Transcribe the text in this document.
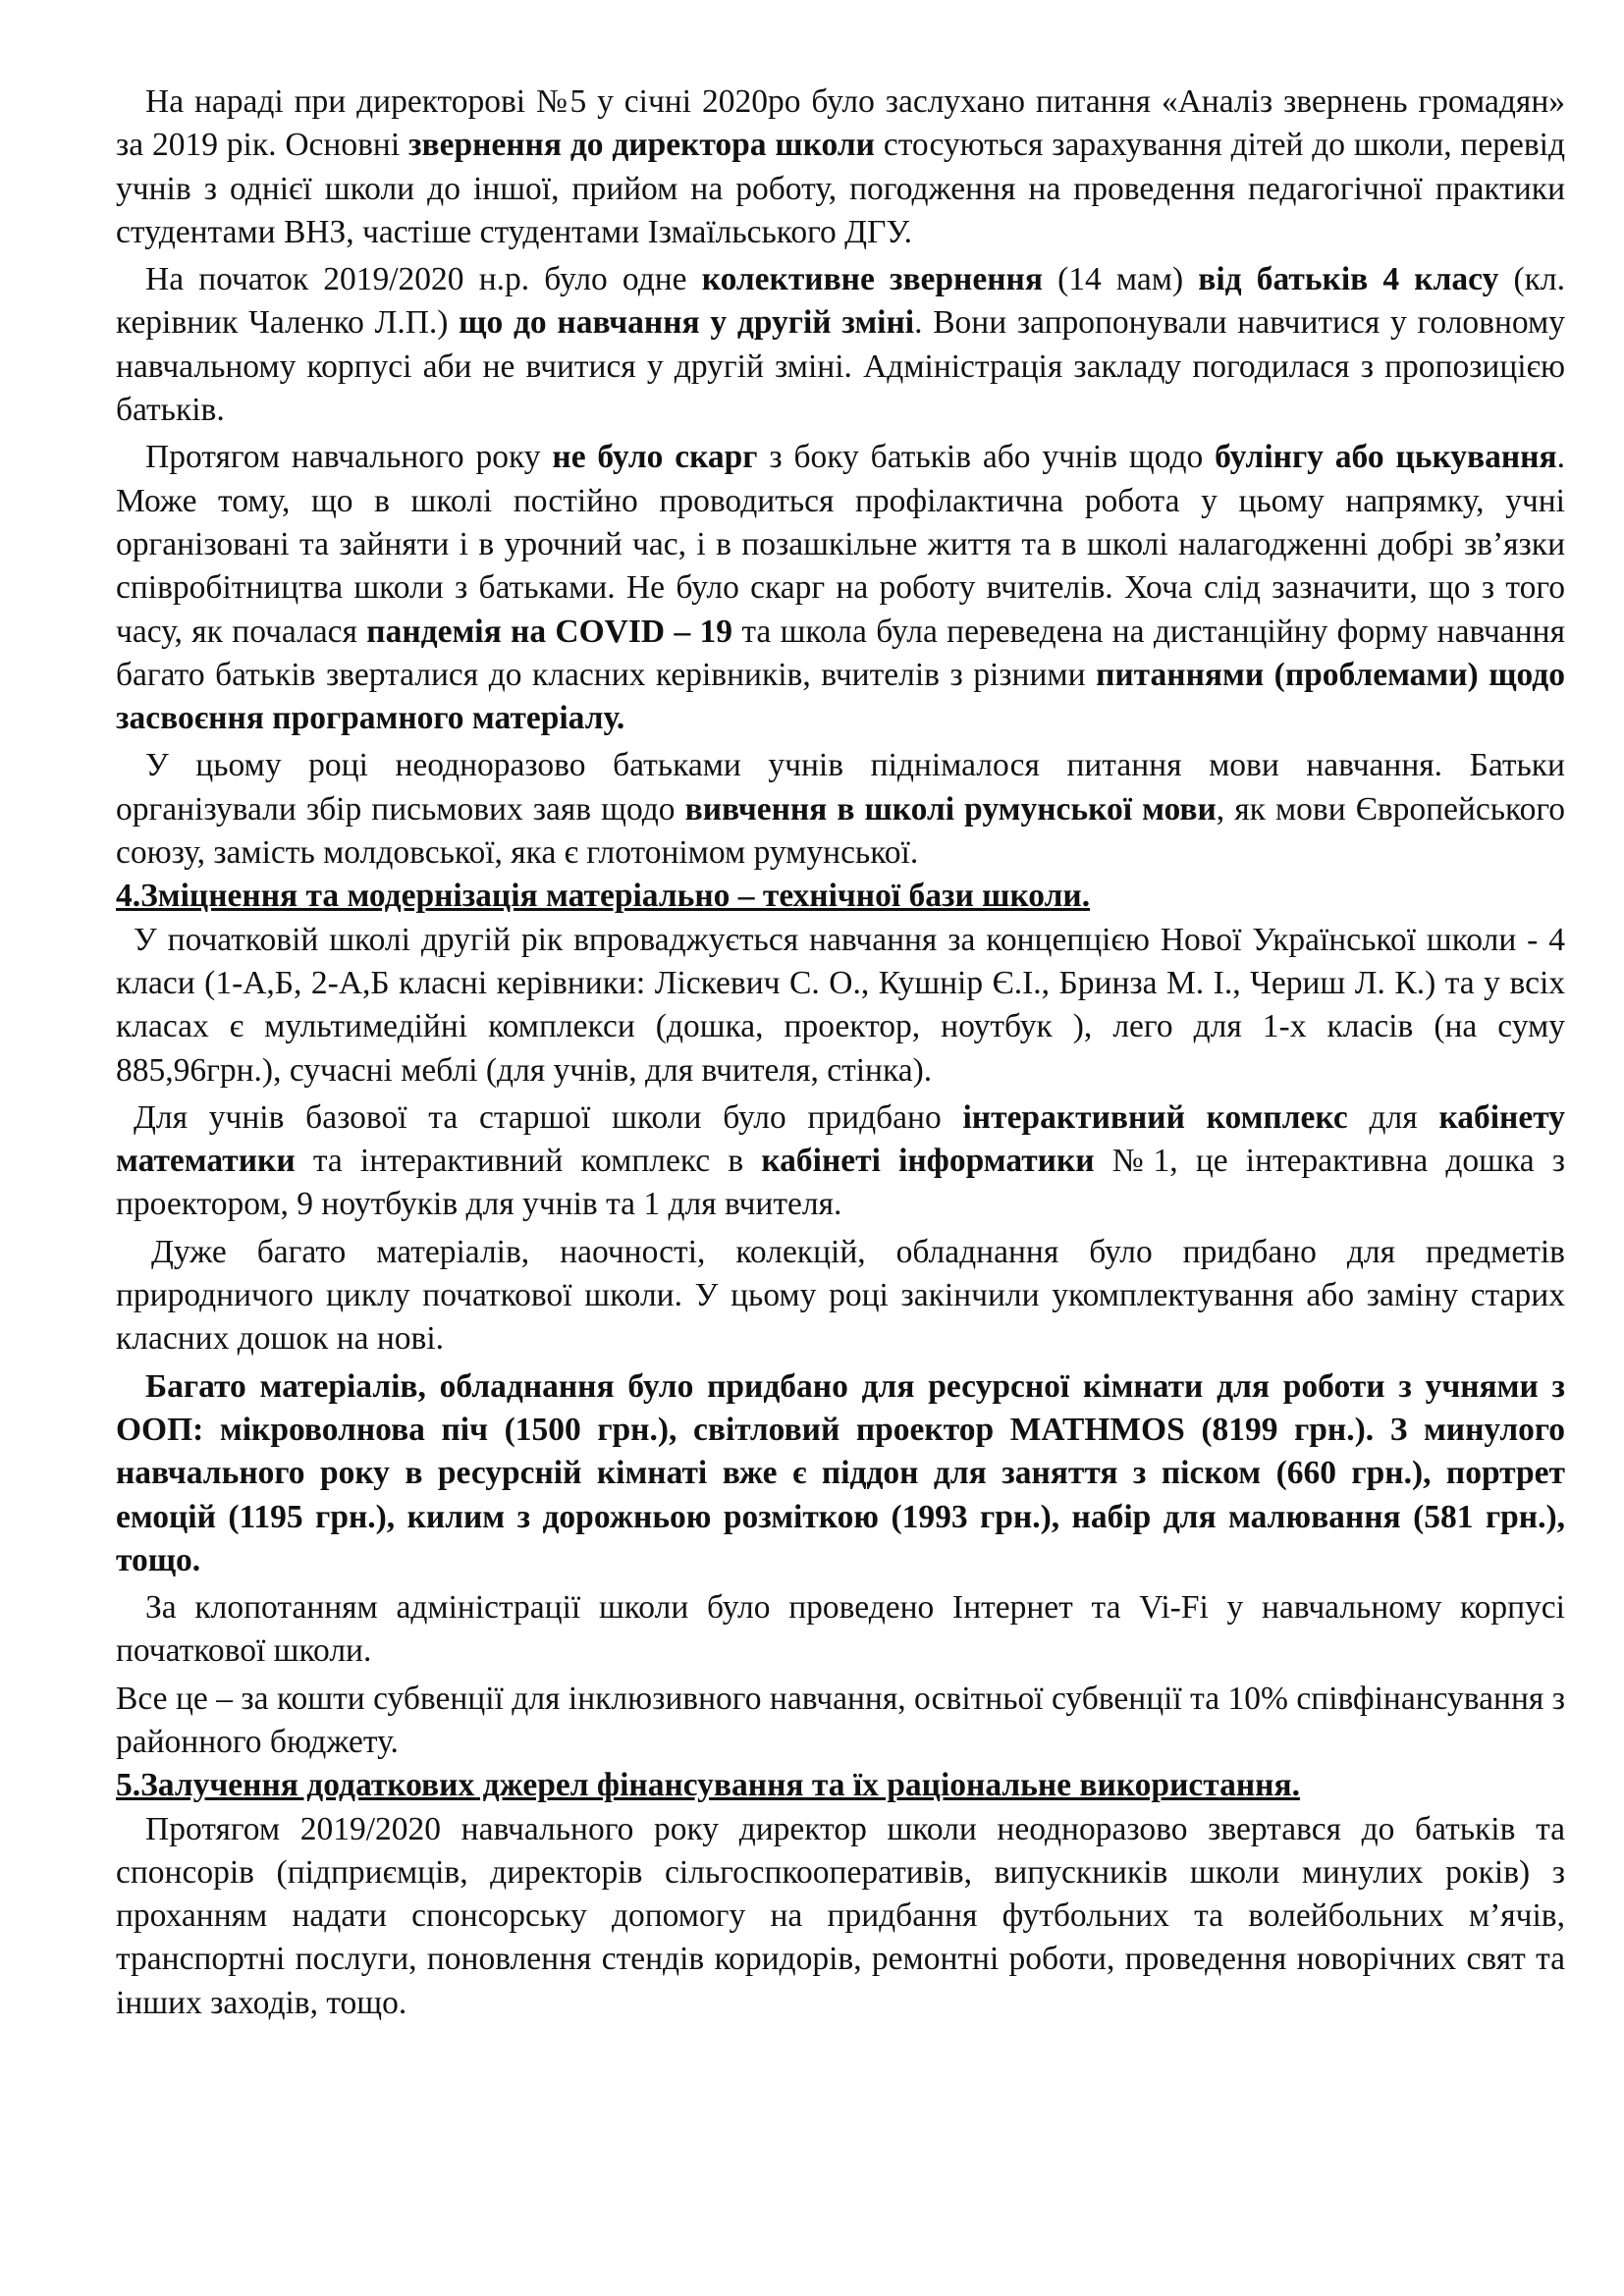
На нараді при директорові №5 у січні 2020ро було заслухано питання «Аналіз звернень громадян» за 2019 рік. Основні звернення до директора школи стосуються зарахування дітей до школи, перевід учнів з однієї школи до іншої, прийом на роботу, погодження на проведення педагогічної практики студентами ВНЗ, частіше студентами Ізмаїльського ДГУ.

На початок 2019/2020 н.р. було одне колективне звернення (14 мам) від батьків 4 класу (кл. керівник Чаленко Л.П.) що до навчання у другій зміні. Вони запропонували навчитися у головному навчальному корпусі аби не вчитися у другій зміні. Адміністрація закладу погодилася з пропозицією батьків.

Протягом навчального року не було скарг з боку батьків або учнів щодо булінгу або цькування. Може тому, що в школі постійно проводиться профілактична робота у цьому напрямку, учні організовані та зайняти і в урочний час, і в позашкільне життя та в школі налагодженні добрі зв’язки співробітництва школи з батьками. Не було скарг на роботу вчителів. Хоча слід зазначити, що з того часу, як почалася пандемія на COVID – 19 та школа була переведена на дистанційну форму навчання багато батьків зверталися до класних керівників, вчителів з різними питаннями (проблемами) щодо засвоєння програмного матеріалу.

У цьому році неодноразово батьками учнів піднімалося питання мови навчання. Батьки організували збір письмових заяв щодо вивчення в школі румунської мови, як мови Європейського союзу, замість молдовської, яка є глотонімом румунської.

4.Зміцнення та модернізація матеріально – технічної бази школи.

У початковій школі другій рік впроваджується навчання за концепцією Нової Української школи - 4 класи (1-А,Б, 2-А,Б класні керівники: Ліскевич С. О., Кушнір Є.І., Бринза М. І., Чериш Л. К.) та у всіх класах є мультимедійні комплекси (дошка, проектор, ноутбук ), лего для 1-х класів (на суму 885,96грн.), сучасні меблі (для учнів, для вчителя, стінка).

Для учнів базової та старшої школи було придбано інтерактивний комплекс для кабінету математики та інтерактивний комплекс в кабінеті інформатики №1, це інтерактивна дошка з проектором, 9 ноутбуків для учнів та 1 для вчителя.

Дуже багато матеріалів, наочності, колекцій, обладнання було придбано для предметів природничого циклу початкової школи. У цьому році закінчили укомплектування або заміну старих класних дошок на нові.

Багато матеріалів, обладнання було придбано для ресурсної кімнати для роботи з учнями з ООП: мікроволнова піч (1500 грн.), світловий проектор MATHMOS (8199 грн.). З минулого навчального року в ресурсній кімнаті вже є піддон для заняття з піском (660 грн.), портрет емоцій (1195 грн.), килим з дорожньою розміткою (1993 грн.), набір для малювання (581 грн.), тощо.

За клопотанням адміністрації школи було проведено Інтернет та Vi-Fi у навчальному корпусі початкової школи.

Все це – за кошти субвенції для інклюзивного навчання, освітньої субвенції та 10% співфінансування з районного бюджету.

5.Залучення додаткових джерел фінансування та їх раціональне використання.

Протягом 2019/2020 навчального року директор школи неодноразово звертався до батьків та спонсорів (підприємців, директорів сільгоспкооперативів, випускників школи минулих років) з проханням надати спонсорську допомогу на придбання футбольних та волейбольних м’ячів, транспортні послуги, поновлення стендів коридорів, ремонтні роботи, проведення новорічних свят та інших заходів, тощо.
